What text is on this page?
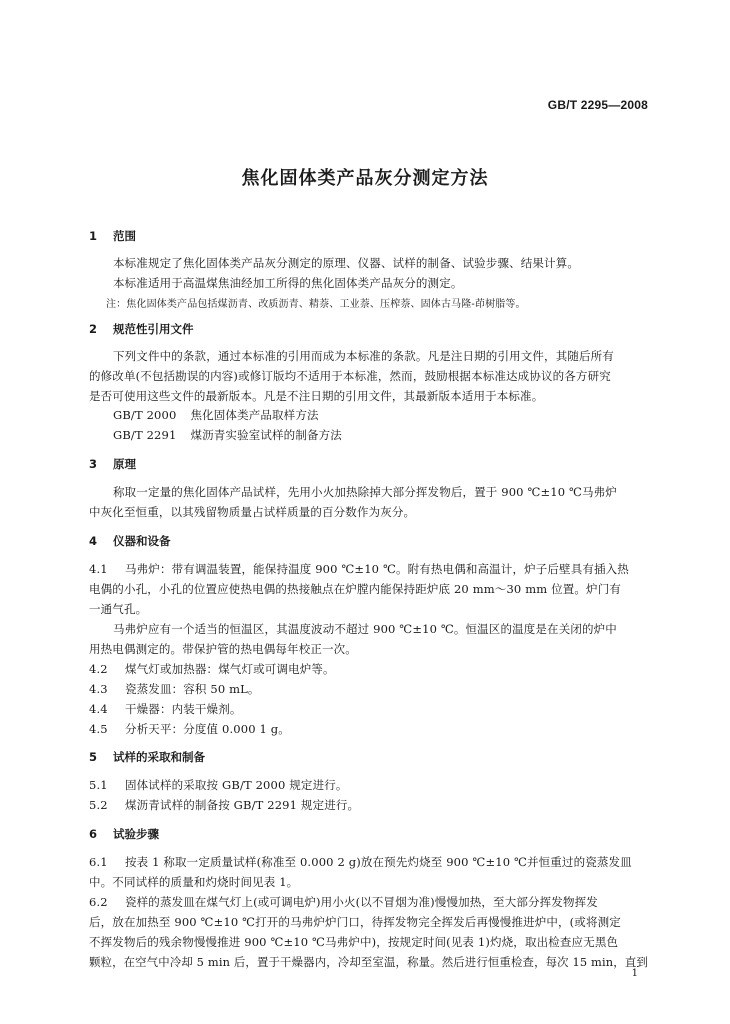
GB/T 2295—2008
焦化固体类产品灰分测定方法
1 范围
本标准规定了焦化固体类产品灰分测定的原理、仪器、试样的制备、试验步骤、结果计算。
本标准适用于高温煤焦油经加工所得的焦化固体类产品灰分的测定。
注：焦化固体类产品包括煤沥青、改质沥青、精萘、工业萘、压榨萘、固体古马隆-茚树脂等。
2 规范性引用文件
下列文件中的条款，通过本标准的引用而成为本标准的条款。凡是注日期的引用文件，其随后所有
的修改单(不包括勘误的内容)或修订版均不适用于本标准，然而，鼓励根据本标准达成协议的各方研究
是否可使用这些文件的最新版本。凡是不注日期的引用文件，其最新版本适用于本标准。
GB/T 2000 焦化固体类产品取样方法
GB/T 2291 煤沥青实验室试样的制备方法
3 原理
称取一定量的焦化固体产品试样，先用小火加热除掉大部分挥发物后，置于 900 ℃±10 ℃马弗炉
中灰化至恒重，以其残留物质量占试样质量的百分数作为灰分。
4 仪器和设备
4.1 马弗炉：带有调温装置，能保持温度 900 ℃±10 ℃。附有热电偶和高温计，炉子后壁具有插入热
电偶的小孔，小孔的位置应使热电偶的热接触点在炉膛内能保持距炉底 20 mm～30 mm 位置。炉门有
一通气孔。
马弗炉应有一个适当的恒温区，其温度波动不超过 900 ℃±10 ℃。恒温区的温度是在关闭的炉中
用热电偶测定的。带保护管的热电偶每年校正一次。
4.2 煤气灯或加热器：煤气灯或可调电炉等。
4.3 瓷蒸发皿：容积 50 mL。
4.4 干燥器：内装干燥剂。
4.5 分析天平：分度值 0.000 1 g。
5 试样的采取和制备
5.1 固体试样的采取按 GB/T 2000 规定进行。
5.2 煤沥青试样的制备按 GB/T 2291 规定进行。
6 试验步骤
6.1 按表 1 称取一定质量试样(称准至 0.000 2 g)放在预先灼烧至 900 ℃±10 ℃并恒重过的瓷蒸发皿
中。不同试样的质量和灼烧时间见表 1。
6.2 瓷样的蒸发皿在煤气灯上(或可调电炉)用小火(以不冒烟为准)慢慢加热，至大部分挥发物挥发
后，放在加热至 900 ℃±10 ℃打开的马弗炉炉门口，待挥发物完全挥发后再慢慢推进炉中，(或将测定
不挥发物后的残余物慢慢推进 900 ℃±10 ℃马弗炉中)，按规定时间(见表 1)灼烧，取出检查应无黑色
颗粒，在空气中冷却 5 min 后，置于干燥器内，冷却至室温，称量。然后进行恒重检查，每次 15 min，直到
1
